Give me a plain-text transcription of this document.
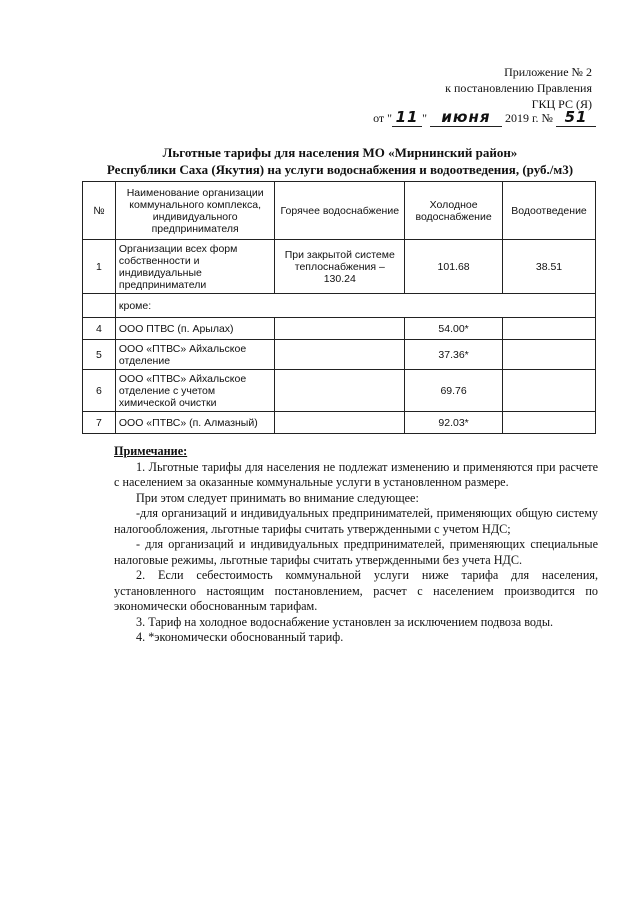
Приложение № 2
к постановлению Правления
ГКЦ РС (Я)
от " 11 " июня 2019 г. № 51
Льготные тарифы для населения МО «Мирнинский район»
Республики Саха (Якутия) на услуги водоснабжения и водоотведения, (руб./м3)
№	Наименование организации коммунального комплекса, индивидуального предпринимателя	Горячее водоснабжение	Холодное водоснабжение	Водоотведение
1	Организации всех форм собственности и индивидуальные предприниматели	При закрытой системе теплоснабжения – 130.24	101.68	38.51
	кроме:			
4	ООО ПТВС (п. Арылах)		54.00*	
5	ООО «ПТВС» Айхальское отделение		37.36*	
6	ООО «ПТВС» Айхальское отделение с учетом химической очистки		69.76	
7	ООО «ПТВС» (п. Алмазный)		92.03*	
Примечание:

1. Льготные тарифы для населения не подлежат изменению и применяются при расчете с населением за оказанные коммунальные услуги в установленном размере.

При этом следует принимать во внимание следующее:

-для организаций и индивидуальных предпринимателей, применяющих общую систему налогообложения, льготные тарифы считать утвержденными с учетом НДС;

- для организаций и индивидуальных предпринимателей, применяющих специальные налоговые режимы, льготные тарифы считать утвержденными без учета НДС.

2. Если себестоимость коммунальной услуги ниже тарифа для населения, установленного настоящим постановлением, расчет с населением производится по экономически обоснованным тарифам.

3. Тариф на холодное водоснабжение установлен за исключением подвоза воды.

4. *экономически обоснованный тариф.
